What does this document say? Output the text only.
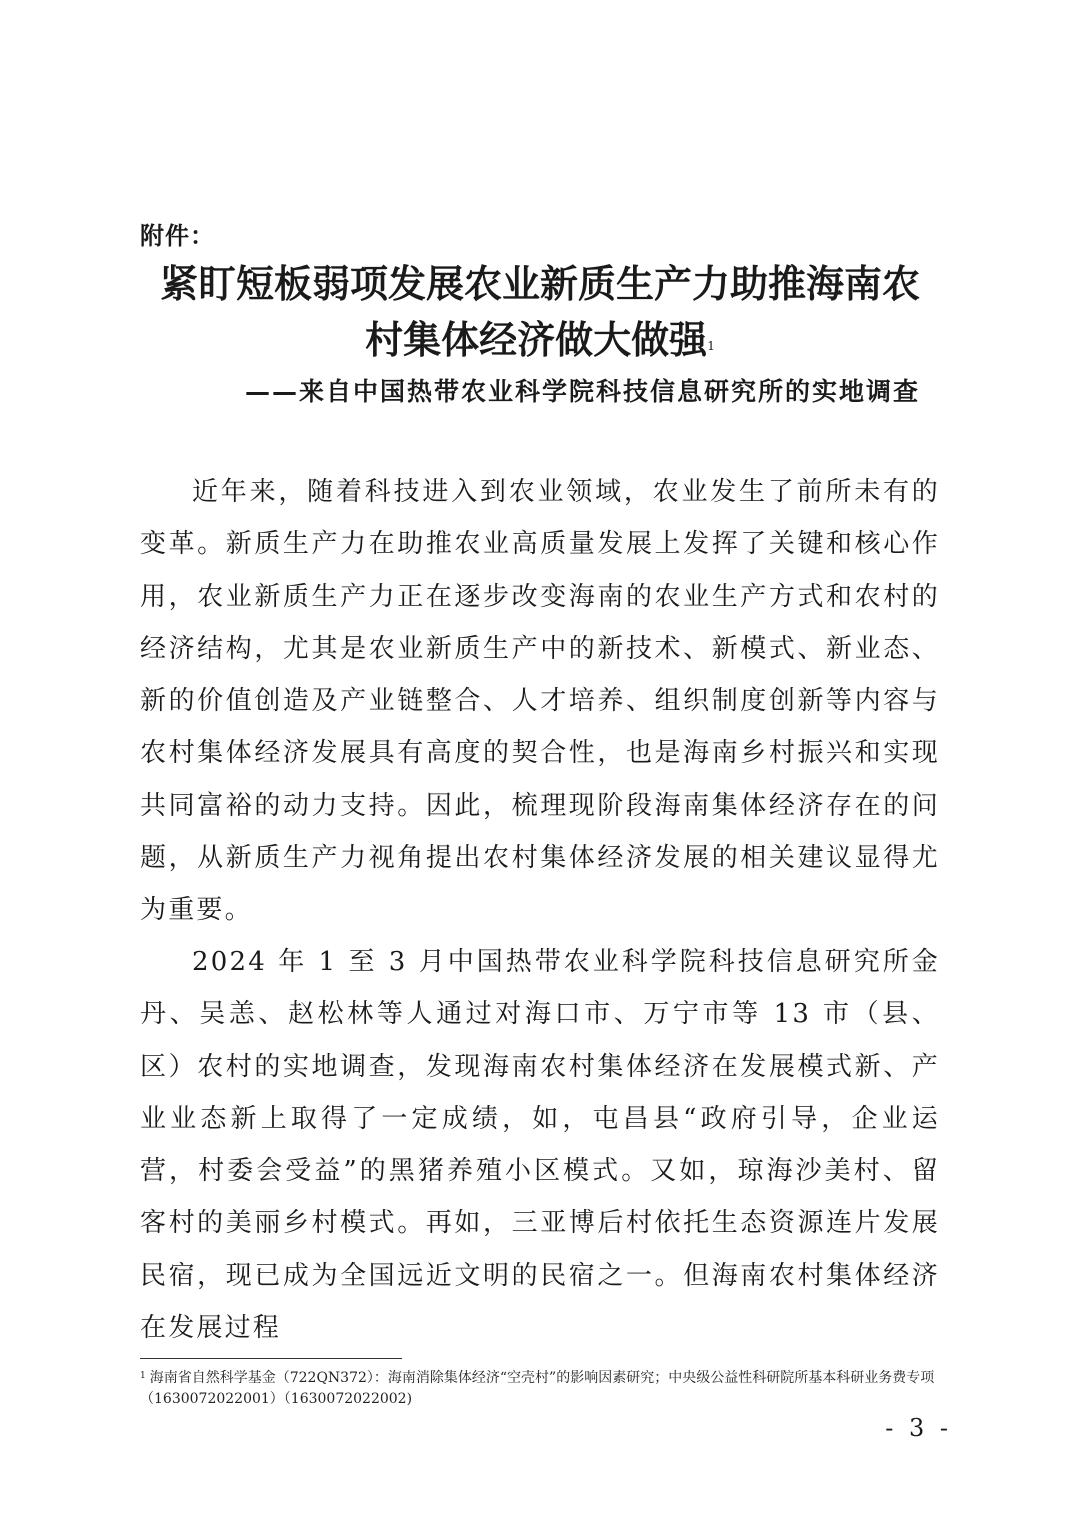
附件：
紧盯短板弱项发展农业新质生产力助推海南农
村集体经济做大做强$^1$
——来自中国热带农业科学院科技信息研究所的实地调查

近年来，随着科技进入到农业领域，农业发生了前所未有的变革。新质生产力在助推农业高质量发展上发挥了关键和核心作用，农业新质生产力正在逐步改变海南的农业生产方式和农村的经济结构，尤其是农业新质生产中的新技术、新模式、新业态、新的价值创造及产业链整合、人才培养、组织制度创新等内容与农村集体经济发展具有高度的契合性，也是海南乡村振兴和实现共同富裕的动力支持。因此，梳理现阶段海南集体经济存在的问题，从新质生产力视角提出农村集体经济发展的相关建议显得尤为重要。

2024 年 1 至 3 月中国热带农业科学院科技信息研究所金丹、吴恙、赵松林等人通过对海口市、万宁市等 13 市（县、区）农村的实地调查，发现海南农村集体经济在发展模式新、产业业态新上取得了一定成绩，如，屯昌县“政府引导，企业运营，村委会受益”的黑猪养殖小区模式。又如，琼海沙美村、留客村的美丽乡村模式。再如，三亚博后村依托生态资源连片发展民宿，现已成为全国远近文明的民宿之一。但海南农村集体经济在发展过程

$^1$ 海南省自然科学基金（722QN372）：海南消除集体经济“空壳村”的影响因素研究；中央级公益性科研院所基本科研业务费专项（1630072022001）（1630072022002)
- 3 -
